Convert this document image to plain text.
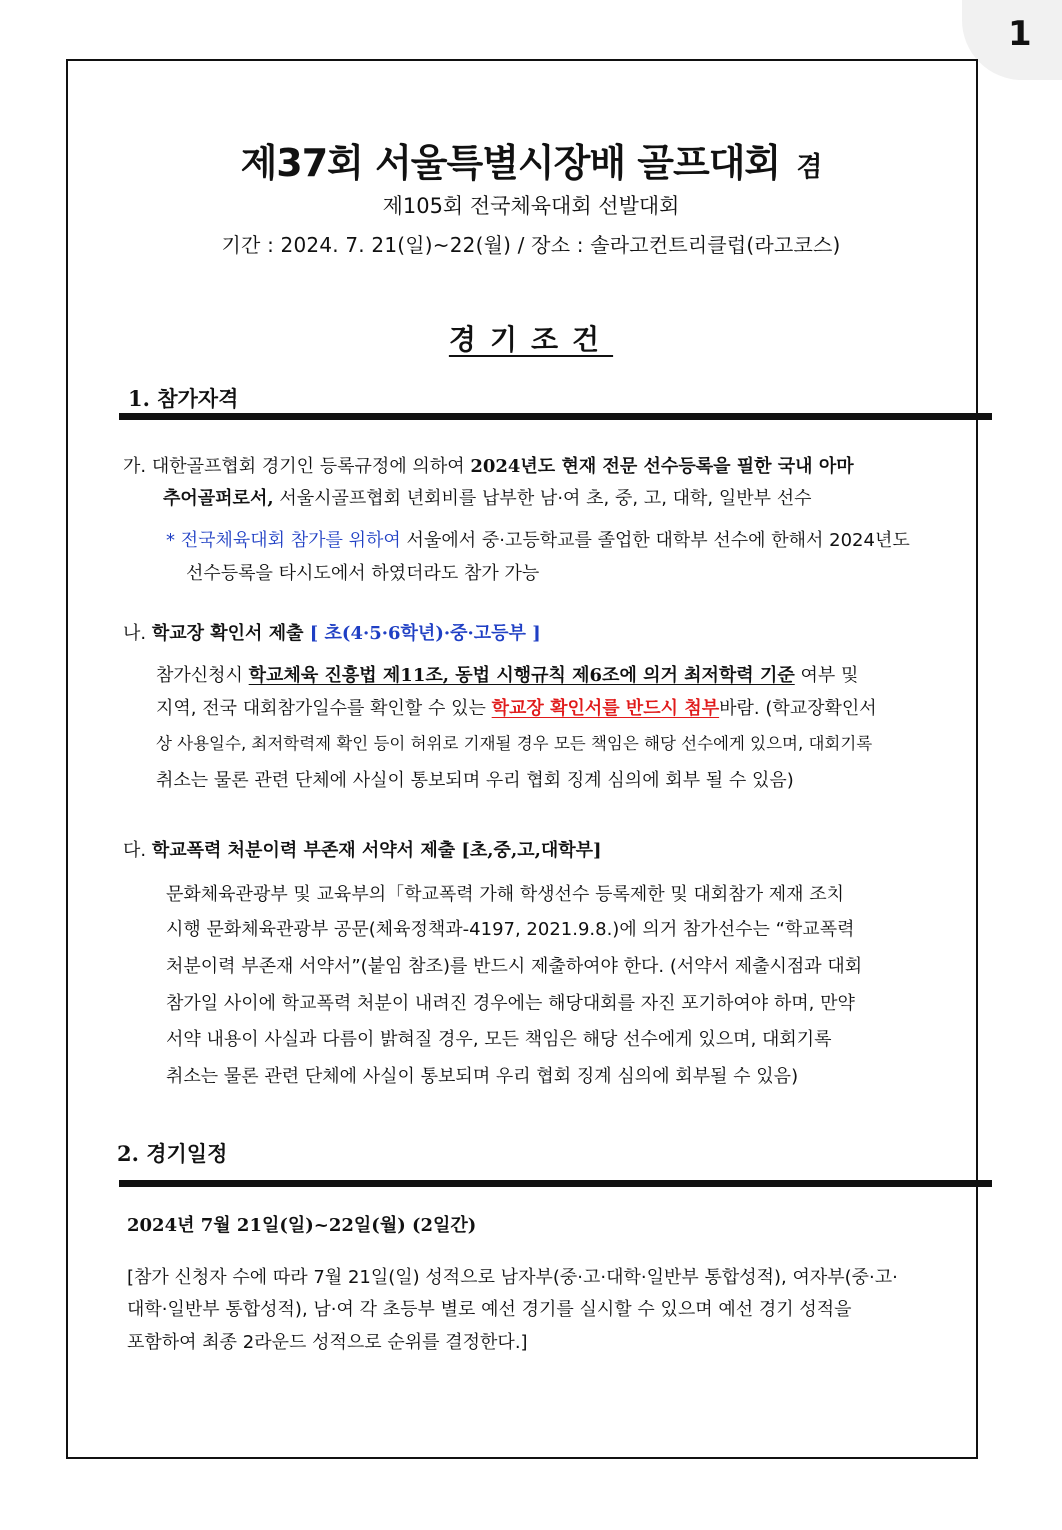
1
제37회 서울특별시장배 골프대회 겸
제105회 전국체육대회 선발대회
기간 : 2024. 7. 21(일)~22(월) / 장소 : 솔라고컨트리클럽(라고코스)
경기조건
1. 참가자격
가. 대한골프협회 경기인 등록규정에 의하여 2024년도 현재 전문 선수등록을 필한 국내 아마
추어골퍼로서, 서울시골프협회 년회비를 납부한 남·여 초, 중, 고, 대학, 일반부 선수
* 전국체육대회 참가를 위하여 서울에서 중·고등학교를 졸업한 대학부 선수에 한해서 2024년도
선수등록을 타시도에서 하였더라도 참가 가능
나. 학교장 확인서 제출 [ 초(4·5·6학년)·중·고등부 ]
참가신청시 학교체육 진흥법 제11조, 동법 시행규칙 제6조에 의거 최저학력 기준 여부 및
지역, 전국 대회참가일수를 확인할 수 있는 학교장 확인서를 반드시 첨부바람. (학교장확인서
상 사용일수, 최저학력제 확인 등이 허위로 기재될 경우 모든 책임은 해당 선수에게 있으며, 대회기록
취소는 물론 관련 단체에 사실이 통보되며 우리 협회 징계 심의에 회부 될 수 있음)
다. 학교폭력 처분이력 부존재 서약서 제출 [초,중,고,대학부]
문화체육관광부 및 교육부의「학교폭력 가해 학생선수 등록제한 및 대회참가 제재 조치
시행 문화체육관광부 공문(체육정책과-4197, 2021.9.8.)에 의거 참가선수는 “학교폭력
처분이력 부존재 서약서”(붙임 참조)를 반드시 제출하여야 한다. (서약서 제출시점과 대회
참가일 사이에 학교폭력 처분이 내려진 경우에는 해당대회를 자진 포기하여야 하며, 만약
서약 내용이 사실과 다름이 밝혀질 경우, 모든 책임은 해당 선수에게 있으며, 대회기록
취소는 물론 관련 단체에 사실이 통보되며 우리 협회 징계 심의에 회부될 수 있음)
2. 경기일정
2024년 7월 21일(일)~22일(월) (2일간)
[참가 신청자 수에 따라 7월 21일(일) 성적으로 남자부(중·고·대학·일반부 통합성적), 여자부(중·고·
대학·일반부 통합성적), 남·여 각 초등부 별로 예선 경기를 실시할 수 있으며 예선 경기 성적을
포함하여 최종 2라운드 성적으로 순위를 결정한다.]
